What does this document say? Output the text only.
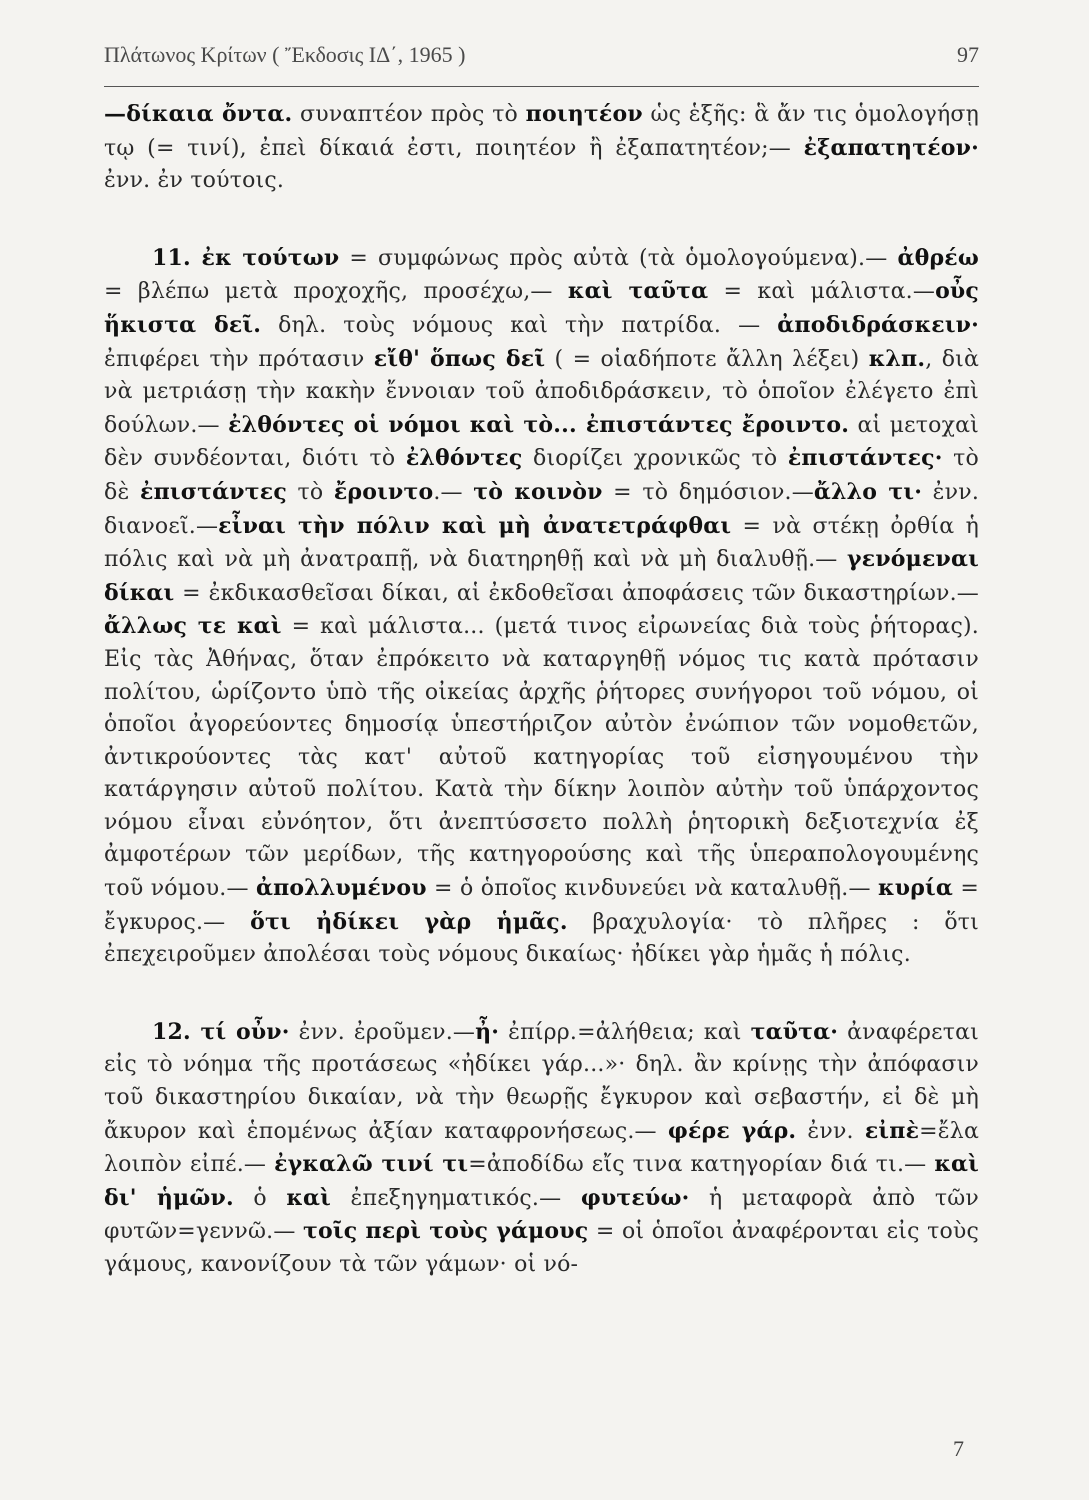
Πλάτωνος Κρίτων ( Ἔκδοσις ΙΔ΄, 1965 )	97

—δίκαια ὄντα. συναπτέον πρὸς τὸ ποιητέον ὡς ἑξῆς: ἃ ἄν τις ὁμολογήσῃ τῳ (= τινί), ἐπεὶ δίκαιά ἐστι, ποιητέον ἢ ἐξαπατητέον;— ἐξαπατητέον· ἐνν. ἐν τούτοις.

11. ἐκ τούτων = συμφώνως πρὸς αὐτὰ (τὰ ὁμολογούμενα).— ἀθρέω = βλέπω μετὰ προχοχῆς, προσέχω,— καὶ ταῦτα = καὶ μάλιστα.—οὖς ἥκιστα δεῖ. δηλ. τοὺς νόμους καὶ τὴν πατρίδα. — ἀποδιδράσκειν· ἐπιφέρει τὴν πρότασιν εἴθ' ὅπως δεῖ ( = οἱαδήποτε ἄλλη λέξει) κλπ., διὰ νὰ μετριάσῃ τὴν κακὴν ἔννοιαν τοῦ ἀποδιδράσκειν, τὸ ὁποῖον ἐλέγετο ἐπὶ δούλων.— ἐλθόντες οἱ νόμοι καὶ τὸ... ἐπιστάντες ἔροιντο. αἱ μετοχαὶ δὲν συνδέονται, διότι τὸ ἐλθόντες διορίζει χρονικῶς τὸ ἐπιστάντες· τὸ δὲ ἐπιστάντες τὸ ἔροιντο.— τὸ κοινὸν = τὸ δημόσιον.—ἄλλο τι· ἐνν. διανοεῖ.—εἶναι τὴν πόλιν καὶ μὴ ἀνατετράφθαι = νὰ στέκῃ ὀρθία ἡ πόλις καὶ νὰ μὴ ἀνατραπῇ, νὰ διατηρηθῇ καὶ νὰ μὴ διαλυθῇ.— γενόμεναι δίκαι = ἐκδικασθεῖσαι δίκαι, αἱ ἐκδοθεῖσαι ἀποφάσεις τῶν δικαστηρίων.— ἄλλως τε καὶ = καὶ μάλιστα... (μετά τινος εἰρωνείας διὰ τοὺς ῥήτορας). Εἰς τὰς Ἀθήνας, ὅταν ἐπρόκειτο νὰ καταργηθῇ νόμος τις κατὰ πρότασιν πολίτου, ὡρίζοντο ὑπὸ τῆς οἰκείας ἀρχῆς ῥήτορες συνήγοροι τοῦ νόμου, οἱ ὁποῖοι ἀγορεύοντες δημοσίᾳ ὑπεστήριζον αὐτὸν ἐνώπιον τῶν νομοθετῶν, ἀντικρούοντες τὰς κατ' αὐτοῦ κατηγορίας τοῦ εἰσηγουμένου τὴν κατάργησιν αὐτοῦ πολίτου. Κατὰ τὴν δίκην λοιπὸν αὐτὴν τοῦ ὑπάρχοντος νόμου εἶναι εὐνόητον, ὅτι ἀνεπτύσσετο πολλὴ ῥητορικὴ δεξιοτεχνία ἐξ ἀμφοτέρων τῶν μερίδων, τῆς κατηγορούσης καὶ τῆς ὑπεραπολογουμένης τοῦ νόμου.— ἀπολλυμένου = ὁ ὁποῖος κινδυνεύει νὰ καταλυθῇ.— κυρία = ἔγκυρος.— ὅτι ἠδίκει γὰρ ἡμᾶς. βραχυλογία· τὸ πλῆρες : ὅτι ἐπεχειροῦμεν ἀπολέσαι τοὺς νόμους δικαίως· ἠδίκει γὰρ ἡμᾶς ἡ πόλις.

12. τί οὖν· ἐνν. ἐροῦμεν.—ἦ· ἐπίρρ.=ἀλήθεια; καὶ ταῦτα· ἀναφέρεται εἰς τὸ νόημα τῆς προτάσεως «ἠδίκει γάρ...»· δηλ. ἂν κρίνῃς τὴν ἀπόφασιν τοῦ δικαστηρίου δικαίαν, νὰ τὴν θεωρῇς ἔγκυρον καὶ σεβαστήν, εἰ δὲ μὴ ἄκυρον καὶ ἑπομένως ἀξίαν καταφρονήσεως.— φέρε γάρ. ἐνν. εἰπὲ=ἔλα λοιπὸν εἰπέ.— ἐγκαλῶ τινί τι=ἀποδίδω εἴς τινα κατηγορίαν διά τι.— καὶ δι' ἡμῶν. ὁ καὶ ἐπεξηγηματικός.— φυτεύω· ἡ μεταφορὰ ἀπὸ τῶν φυτῶν=γεννῶ.— τοῖς περὶ τοὺς γάμους = οἱ ὁποῖοι ἀναφέρονται εἰς τοὺς γάμους, κανονίζουν τὰ τῶν γάμων· οἱ νό-

7
